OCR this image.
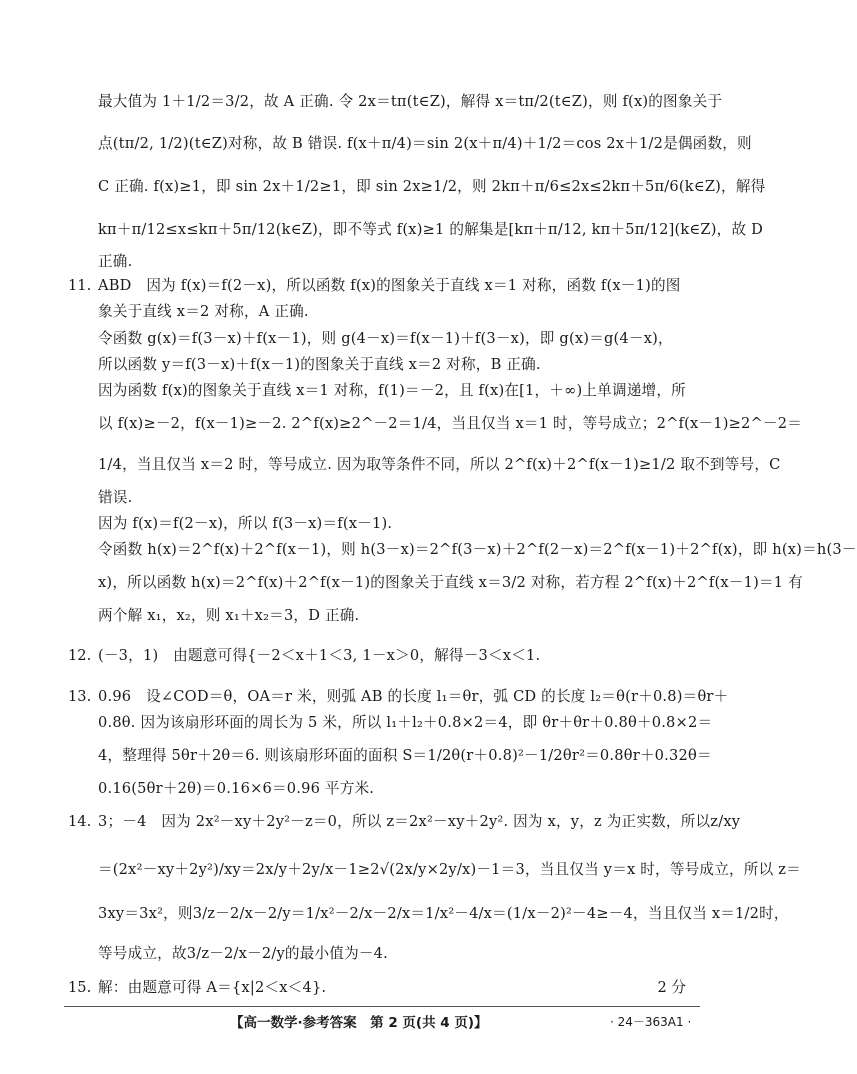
最大值为 1＋1/2＝3/2，故 A 正确. 令 2x＝tπ(t∈Z)，解得 x＝tπ/2(t∈Z)，则 f(x)的图象关于
点(tπ/2, 1/2)(t∈Z)对称，故 B 错误. f(x＋π/4)＝sin 2(x＋π/4)＋1/2＝cos 2x＋1/2是偶函数，则
C 正确. f(x)≥1，即 sin 2x＋1/2≥1，即 sin 2x≥1/2，则 2kπ＋π/6≤2x≤2kπ＋5π/6(k∈Z)，解得
kπ＋π/12≤x≤kπ＋5π/12(k∈Z)，即不等式 f(x)≥1 的解集是[kπ＋π/12, kπ＋5π/12](k∈Z)，故 D
正确.
11. ABD　因为 f(x)＝f(2－x)，所以函数 f(x)的图象关于直线 x＝1 对称，函数 f(x－1)的图
象关于直线 x＝2 对称，A 正确.
令函数 g(x)＝f(3－x)＋f(x－1)，则 g(4－x)＝f(x－1)＋f(3－x)，即 g(x)＝g(4－x)，
所以函数 y＝f(3－x)＋f(x－1)的图象关于直线 x＝2 对称，B 正确.
因为函数 f(x)的图象关于直线 x＝1 对称，f(1)＝－2，且 f(x)在[1，＋∞)上单调递增，所
以 f(x)≥－2，f(x－1)≥－2. 2^f(x)≥2^－2＝1/4，当且仅当 x＝1 时，等号成立；2^f(x－1)≥2^－2＝
1/4，当且仅当 x＝2 时，等号成立. 因为取等条件不同，所以 2^f(x)＋2^f(x－1)≥1/2 取不到等号，C
错误.
因为 f(x)＝f(2－x)，所以 f(3－x)＝f(x－1).
令函数 h(x)＝2^f(x)＋2^f(x－1)，则 h(3－x)＝2^f(3－x)＋2^f(2－x)＝2^f(x－1)＋2^f(x)，即 h(x)＝h(3－
x)，所以函数 h(x)＝2^f(x)＋2^f(x－1)的图象关于直线 x＝3/2 对称，若方程 2^f(x)＋2^f(x－1)＝1 有
两个解 x₁，x₂，则 x₁＋x₂＝3，D 正确.
12. (－3，1)　由题意可得{－2＜x＋1＜3, 1－x＞0，解得－3＜x＜1.
13. 0.96　设∠COD＝θ，OA＝r 米，则弧 AB 的长度 l₁＝θr，弧 CD 的长度 l₂＝θ(r＋0.8)＝θr＋
0.8θ. 因为该扇形环面的周长为 5 米，所以 l₁＋l₂＋0.8×2＝4，即 θr＋θr＋0.8θ＋0.8×2＝
4，整理得 5θr＋2θ＝6. 则该扇形环面的面积 S＝1/2θ(r＋0.8)²－1/2θr²＝0.8θr＋0.32θ＝
0.16(5θr＋2θ)＝0.16×6＝0.96 平方米.
14. 3；－4　因为 2x²－xy＋2y²－z＝0，所以 z＝2x²－xy＋2y². 因为 x，y，z 为正实数，所以z/xy
＝(2x²－xy＋2y²)/xy＝2x/y＋2y/x－1≥2√(2x/y×2y/x)－1＝3，当且仅当 y＝x 时，等号成立，所以 z＝
3xy＝3x²，则3/z－2/x－2/y＝1/x²－2/x－2/x＝1/x²－4/x＝(1/x－2)²－4≥－4，当且仅当 x＝1/2时，
等号成立，故3/z－2/x－2/y的最小值为－4.
15. 解：由题意可得 A＝{x|2＜x＜4}.	2 分
【高一数学·参考答案　第 2 页(共 4 页)】	· 24－363A1 ·
